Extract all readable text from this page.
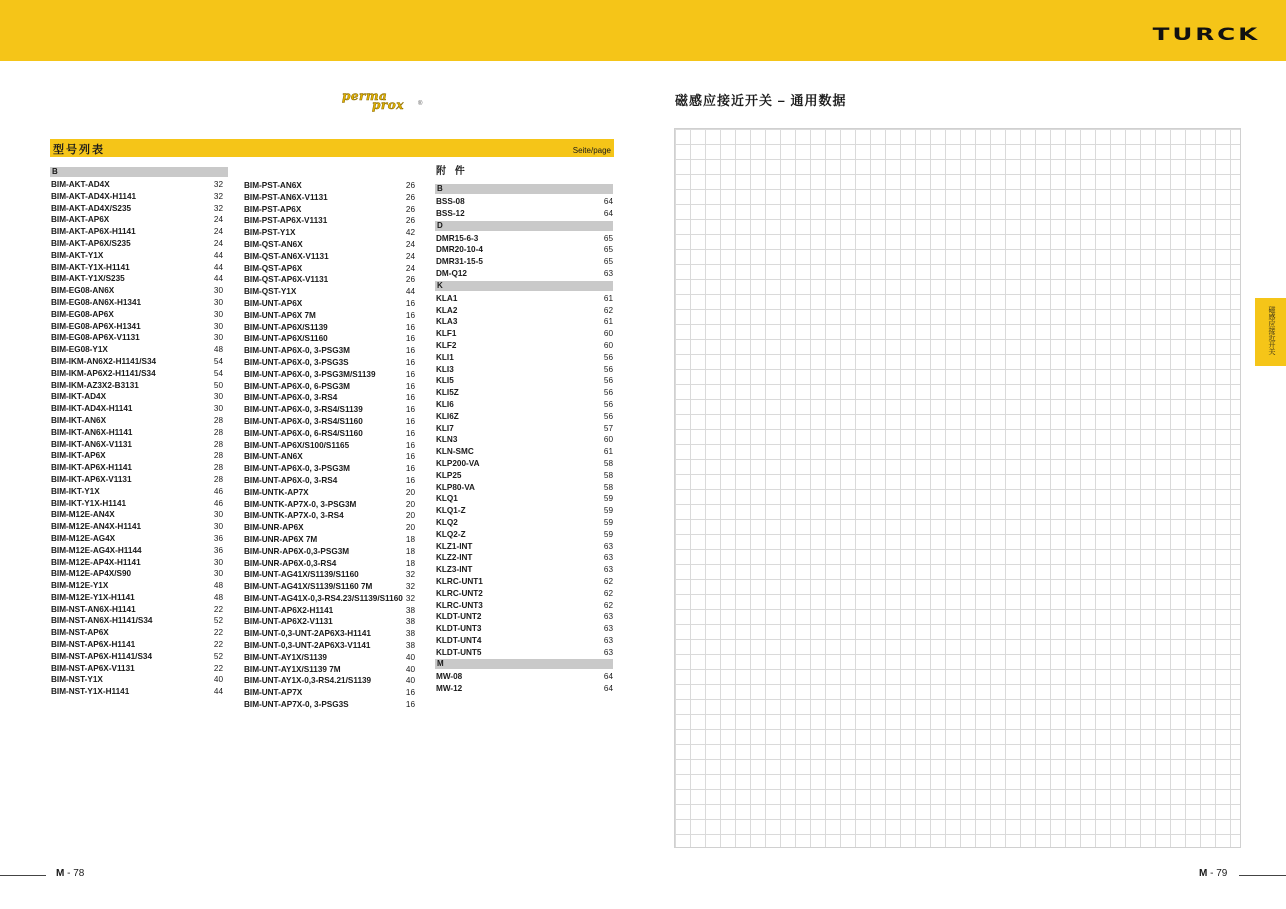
TURCK
perma
prox ®
型号列表	Seite/page
B
BIM-AKT-AD4X	32
BIM-AKT-AD4X-H1141	32
BIM-AKT-AD4X/S235	32
BIM-AKT-AP6X	24
BIM-AKT-AP6X-H1141	24
BIM-AKT-AP6X/S235	24
BIM-AKT-Y1X	44
BIM-AKT-Y1X-H1141	44
BIM-AKT-Y1X/S235	44
BIM-EG08-AN6X	30
BIM-EG08-AN6X-H1341	30
BIM-EG08-AP6X	30
BIM-EG08-AP6X-H1341	30
BIM-EG08-AP6X-V1131	30
BIM-EG08-Y1X	48
BIM-IKM-AN6X2-H1141/S34	54
BIM-IKM-AP6X2-H1141/S34	54
BIM-IKM-AZ3X2-B3131	50
BIM-IKT-AD4X	30
BIM-IKT-AD4X-H1141	30
BIM-IKT-AN6X	28
BIM-IKT-AN6X-H1141	28
BIM-IKT-AN6X-V1131	28
BIM-IKT-AP6X	28
BIM-IKT-AP6X-H1141	28
BIM-IKT-AP6X-V1131	28
BIM-IKT-Y1X	46
BIM-IKT-Y1X-H1141	46
BIM-M12E-AN4X	30
BIM-M12E-AN4X-H1141	30
BIM-M12E-AG4X	36
BIM-M12E-AG4X-H1144	36
BIM-M12E-AP4X-H1141	30
BIM-M12E-AP4X/S90	30
BIM-M12E-Y1X	48
BIM-M12E-Y1X-H1141	48
BIM-NST-AN6X-H1141	22
BIM-NST-AN6X-H1141/S34	52
BIM-NST-AP6X	22
BIM-NST-AP6X-H1141	22
BIM-NST-AP6X-H1141/S34	52
BIM-NST-AP6X-V1131	22
BIM-NST-Y1X	40
BIM-NST-Y1X-H1141	44
BIM-PST-AN6X	26
BIM-PST-AN6X-V1131	26
BIM-PST-AP6X	26
BIM-PST-AP6X-V1131	26
BIM-PST-Y1X	42
BIM-QST-AN6X	24
BIM-QST-AN6X-V1131	24
BIM-QST-AP6X	24
BIM-QST-AP6X-V1131	26
BIM-QST-Y1X	44
BIM-UNT-AP6X	16
BIM-UNT-AP6X 7M	16
BIM-UNT-AP6X/S1139	16
BIM-UNT-AP6X/S1160	16
BIM-UNT-AP6X-0, 3-PSG3M	16
BIM-UNT-AP6X-0, 3-PSG3S	16
BIM-UNT-AP6X-0, 3-PSG3M/S1139	16
BIM-UNT-AP6X-0, 6-PSG3M	16
BIM-UNT-AP6X-0, 3-RS4	16
BIM-UNT-AP6X-0, 3-RS4/S1139	16
BIM-UNT-AP6X-0, 3-RS4/S1160	16
BIM-UNT-AP6X-0, 6-RS4/S1160	16
BIM-UNT-AP6X/S100/S1165	16
BIM-UNT-AN6X	16
BIM-UNT-AP6X-0, 3-PSG3M	16
BIM-UNT-AP6X-0, 3-RS4	16
BIM-UNTK-AP7X	20
BIM-UNTK-AP7X-0, 3-PSG3M	20
BIM-UNTK-AP7X-0, 3-RS4	20
BIM-UNR-AP6X	20
BIM-UNR-AP6X 7M	18
BIM-UNR-AP6X-0,3-PSG3M	18
BIM-UNR-AP6X-0,3-RS4	18
BIM-UNT-AG41X/S1139/S1160	32
BIM-UNT-AG41X/S1139/S1160 7M	32
BIM-UNT-AG41X-0,3-RS4.23/S1139/S1160 32
BIM-UNT-AP6X2-H1141	38
BIM-UNT-AP6X2-V1131	38
BIM-UNT-0,3-UNT-2AP6X3-H1141	38
BIM-UNT-0,3-UNT-2AP6X3-V1141	38
BIM-UNT-AY1X/S1139	40
BIM-UNT-AY1X/S1139 7M	40
BIM-UNT-AY1X-0,3-RS4.21/S1139	40
BIM-UNT-AP7X	16
BIM-UNT-AP7X-0, 3-PSG3S	16
附 件
B
BSS-08	64
BSS-12	64
D
DMR15-6-3	65
DMR20-10-4	65
DMR31-15-5	65
DM-Q12	63
K
KLA1	61
KLA2	62
KLA3	61
KLF1	60
KLF2	60
KLI1	56
KLI3	56
KLI5	56
KLI5Z	56
KLI6	56
KLI6Z	56
KLI7	57
KLN3	60
KLN-SMC	61
KLP200-VA	58
KLP25	58
KLP80-VA	58
KLQ1	59
KLQ1-Z	59
KLQ2	59
KLQ2-Z	59
KLZ1-INT	63
KLZ2-INT	63
KLZ3-INT	63
KLRC-UNT1	62
KLRC-UNT2	62
KLRC-UNT3	62
KLDT-UNT2	63
KLDT-UNT3	63
KLDT-UNT4	63
KLDT-UNT5	63
M
MW-08	64
MW-12	64
磁感应接近开关 – 通用数据
磁感应接近开关
M - 78	M - 79
